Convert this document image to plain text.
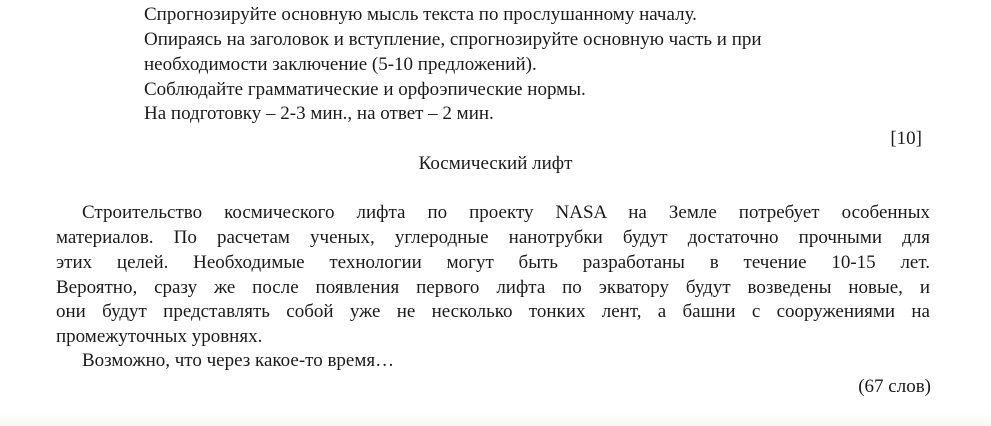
Спрогнозируйте основную мысль текста по прослушанному началу.
Опираясь на заголовок и вступление, спрогнозируйте основную часть и при
необходимости заключение (5-10 предложений).
Соблюдайте грамматические и орфоэпические нормы.
На подготовку – 2-3 мин., на ответ – 2 мин.
[10]
Космический лифт
Строительство космического лифта по проекту NASA на Земле потребует особенных
материалов. По расчетам ученых, углеродные нанотрубки будут достаточно прочными для
этих целей. Необходимые технологии могут быть разработаны в течение 10-15 лет.
Вероятно, сразу же после появления первого лифта по экватору будут возведены новые, и
они будут представлять собой уже не несколько тонких лент, а башни с сооружениями на
промежуточных уровнях.
Возможно, что через какое-то время…
(67 слов)
